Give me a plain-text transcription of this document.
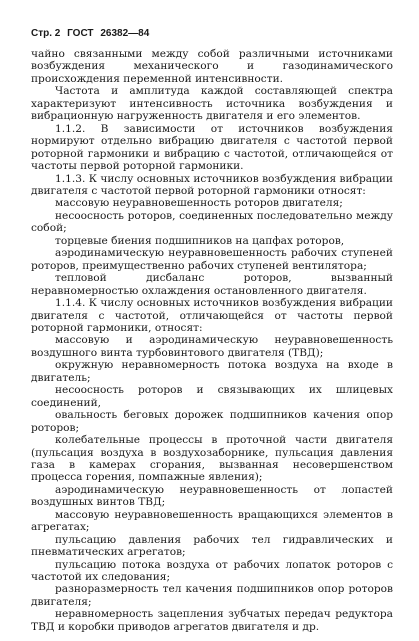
Стр. 2 ГОСТ 26382—84

чайно связанными между собой различными источниками возбуждения механического и газодинамического происхождения переменной интенсивности.

Частота и амплитуда каждой составляющей спектра характеризуют интенсивность источника возбуждения и вибрационную нагруженность двигателя и его элементов.

1.1.2. В зависимости от источников возбуждения нормируют отдельно вибрацию двигателя с частотой первой роторной гармоники и вибрацию с частотой, отличающейся от частоты первой роторной гармоники.

1.1.3. К числу основных источников возбуждения вибрации двигателя с частотой первой роторной гармоники относят:

массовую неуравновешенность роторов двигателя;

несоосность роторов, соединенных последовательно между собой;

торцевые биения подшипников на цапфах роторов,

аэродинамическую неуравновешенность рабочих ступеней роторов, преимущественно рабочих ступеней вентилятора;

тепловой дисбаланс роторов, вызванный неравномерностью охлаждения остановленного двигателя.

1.1.4. К числу основных источников возбуждения вибрации двигателя с частотой, отличающейся от частоты первой роторной гармоники, относят:

массовую и аэродинамическую неуравновешенность воздушного винта турбовинтового двигателя (ТВД);

окружную неравномерность потока воздуха на входе в двигатель;

несоосность роторов и связывающих их шлицевых соединений,

овальность беговых дорожек подшипников качения опор роторов;

колебательные процессы в проточной части двигателя (пульсация воздуха в воздухозаборнике, пульсация давления газа в камерах сгорания, вызванная несовершенством процесса горения, помпажные явления);

аэродинамическую неуравновешенность от лопастей воздушных винтов ТВД;

массовую неуравновешенность вращающихся элементов в агрегатах;

пульсацию давления рабочих тел гидравлических и пневматических агрегатов;

пульсацию потока воздуха от рабочих лопаток роторов с частотой их следования;

разноразмерность тел качения подшипников опор роторов двигателя;

неравномерность зацепления зубчатых передач редуктора ТВД и коробки приводов агрегатов двигателя и др.
